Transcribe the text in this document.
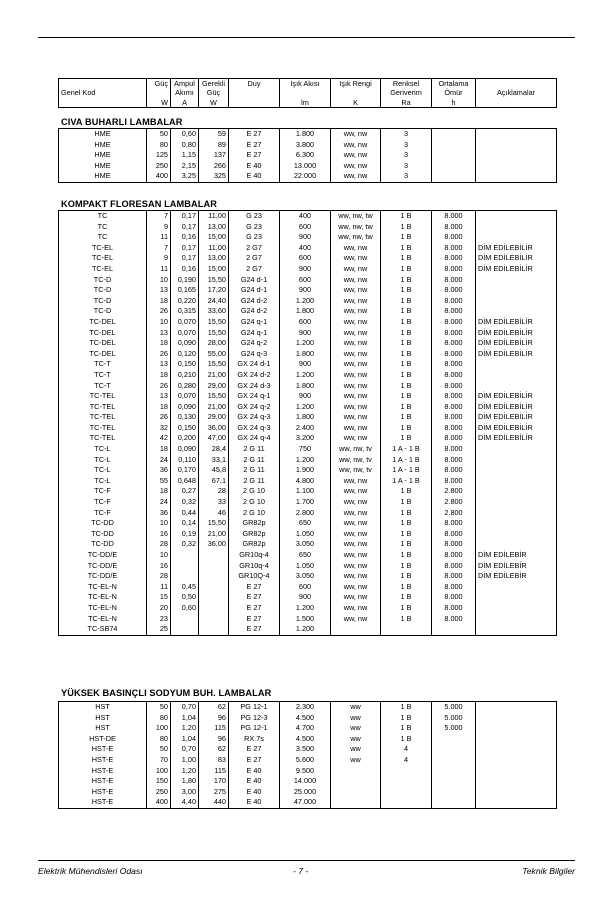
	Güç	Ampul	Gerekli	Duy	Işık Akısı	Işık Rengi	Renksel	Ortalama	
Genel Kod		Akımı	Güç				Geriverim	Ömür	Açıklamalar
	W	A	W		lm	K	Ra	h	
CIVA BUHARLI LAMBALAR
HME	50	0,60	59	E 27	1.800	ww, nw	3		
HME	80	0,80	89	E 27	3.800	ww, nw	3		
HME	125	1,15	137	E 27	6.300	ww, nw	3		
HME	250	2,15	266	E 40	13.000	ww, nw	3		
HME	400	3,25	325	E 40	22.000	ww, nw	3		
KOMPAKT FLORESAN LAMBALAR
TC	7	0,17	11,00	G 23	400	ww, nw, tw	1 B	8.000	
TC	9	0,17	13,00	G 23	600	ww, nw, tw	1 B	8.000	
TC	11	0,16	15,00	G 23	900	ww, nw, tw	1 B	8.000	
TC-EL	7	0,17	11,00	2 G7	400	ww, nw	1 B	8.000	DİM EDİLEBİLİR
TC-EL	9	0,17	13,00	2 G7	600	ww, nw	1 B	8.000	DİM EDİLEBİLİR
TC-EL	11	0,16	15,00	2 G7	900	ww, nw	1 B	8.000	DİM EDİLEBİLİR
TC-D	10	0,190	15,50	G24 d-1	600	ww, nw	1 B	8.000	
TC-D	13	0,165	17,20	G24 d-1	900	ww, nw	1 B	8.000	
TC-D	18	0,220	24,40	G24 d-2	1.200	ww, nw	1 B	8.000	
TC-D	26	0,315	33,60	G24 d-2	1.800	ww, nw	1 B	8.000	
TC-DEL	10	0,070	15,50	G24 q-1	600	ww, nw	1 B	8.000	DİM EDİLEBİLİR
TC-DEL	13	0,070	15,50	G24 q-1	900	ww, nw	1 B	8.000	DİM EDİLEBİLİR
TC-DEL	18	0,090	28,00	G24 q-2	1.200	ww, nw	1 B	8.000	DİM EDİLEBİLİR
TC-DEL	26	0,120	55,00	G24 q-3	1.800	ww, nw	1 B	8.000	DİM EDİLEBİLİR
TC-T	13	0,150	15,50	GX 24 d-1	900	ww, nw	1 B	8.000	
TC-T	18	0,210	21,00	GX 24 d-2	1.200	ww, nw	1 B	8.000	
TC-T	26	0,280	29,00	GX 24 d-3	1.800	ww, nw	1 B	8.000	
TC-TEL	13	0,070	15,50	GX 24 q-1	900	ww, nw	1 B	8.000	DİM EDİLEBİLİR
TC-TEL	18	0,090	21,00	GX 24 q-2	1.200	ww, nw	1 B	8.000	DİM EDİLEBİLİR
TC-TEL	26	0,130	29,00	GX 24 q-3	1.800	ww, nw	1 B	8.000	DİM EDİLEBİLİR
TC-TEL	32	0,150	36,00	GX 24 q-3	2.400	ww, nw	1 B	8.000	DİM EDİLEBİLİR
TC-TEL	42	0,200	47,00	GX 24 q-4	3.200	ww, nw	1 B	8.000	DİM EDİLEBİLİR
TC-L	18	0,090	28,4	2 G 11	750	ww, nw, tv	1 A - 1 B	8.000	
TC-L	24	0,110	33,1	2 G 11	1.200	ww, nw, tv	1 A - 1 B	8.000	
TC-L	36	0,170	45,8	2 G 11	1.900	ww, nw, tv	1 A - 1 B	8.000	
TC-L	55	0,648	67,1	2 G 11	4.800	ww, nw	1 A - 1 B	8.000	
TC-F	18	0,27	28	2 G 10	1.100	ww, nw	1 B	2.800	
TC-F	24	0,32	33	2 G 10	1.700	ww, nw	1 B	2.800	
TC-F	36	0,44	46	2 G 10	2.800	ww, nw	1 B	2.800	
TC-DD	10	0,14	15,50	GR82p	650	ww, nw	1 B	8.000	
TC-DD	16	0,19	21,00	GR82p	1.050	ww, nw	1 B	8.000	
TC-DD	28	0,32	36,00	GR82p	3.050	ww, nw	1 B	8.000	
TC-DD/E	10			GR10q-4	650	ww, nw	1 B	8.000	DİM EDİLEBİR
TC-DD/E	16			GR10q-4	1.050	ww, nw	1 B	8.000	DİM EDİLEBİR
TC-DD/E	28			GR10Q-4	3.050	ww, nw	1 B	8.000	DİM EDİLEBİR
TC-EL-N	11	0,45		E 27	600	ww, nw	1 B	8.000	
TC-EL-N	15	0,50		E 27	900	ww, nw	1 B	8.000	
TC-EL-N	20	0,60		E 27	1.200	ww, nw	1 B	8.000	
TC-EL-N	23			E 27	1.500	ww, nw	1 B	8.000	
TC-SB74	25			E 27	1.200				
YÜKSEK BASINÇLI SODYUM BUH. LAMBALAR
HST	50	0,70	62	PG 12-1	2.300	ww	1 B	5.000	
HST	80	1,04	96	PG 12-3	4.500	ww	1 B	5.000	
HST	100	1,20	115	PG 12-1	4.700	ww	1 B	5.000	
HST-DE	80	1,04	96	RX 7s	4.500	ww	1 B		
HST-E	50	0,70	62	E 27	3.500	ww	4		
HST-E	70	1,00	83	E 27	5.600	ww	4		
HST-E	100	1,20	115	E 40	9.500				
HST-E	150	1,80	170	E 40	14.000				
HST-E	250	3,00	275	E 40	25.000				
HST-E	400	4,40	440	E 40	47.000				
Elektrik Mühendisleri Odası	- 7 -	Teknik Bilgiler
